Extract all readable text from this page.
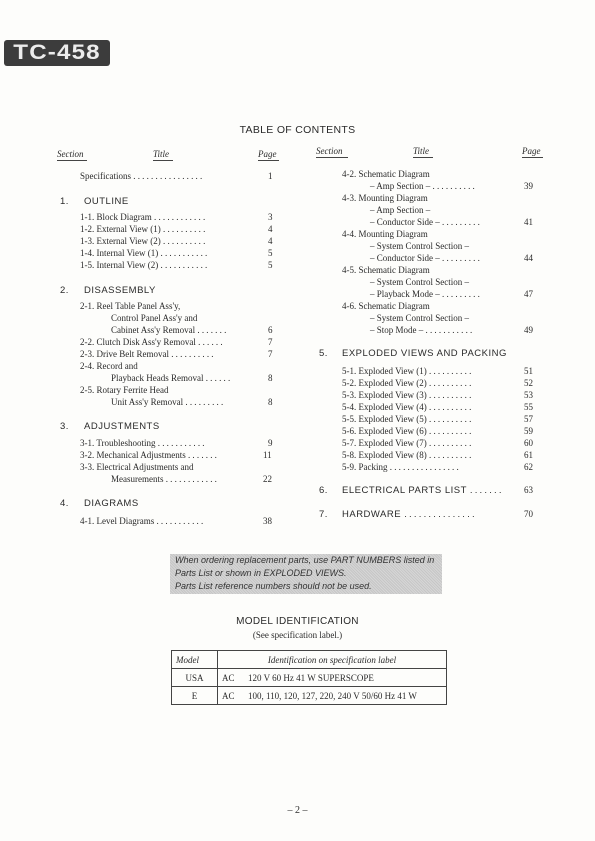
TC-458
TABLE OF CONTENTS
Section	Title	Page	Section	Title	Page
Specifications ................	1
1. OUTLINE
1-1. Block Diagram ............	3
1-2. External View (1) ..........	4
1-3. External View (2) ..........	4
1-4. Internal View (1) ...........	5
1-5. Internal View (2) ...........	5
2. DISASSEMBLY
2-1. Reel Table Panel Ass'y,
Control Panel Ass'y and
Cabinet Ass'y Removal .......	6
2-2. Clutch Disk Ass'y Removal ......	7
2-3. Drive Belt Removal ..........	7
2-4. Record and
Playback Heads Removal ......	8
2-5. Rotary Ferrite Head
Unit Ass'y Removal .........	8
3. ADJUSTMENTS
3-1. Troubleshooting ...........	9
3-2. Mechanical Adjustments .......	11
3-3. Electrical Adjustments and
Measurements ............	22
4. DIAGRAMS
4-1. Level Diagrams ...........	38
4-2. Schematic Diagram
– Amp Section – ..........	39
4-3. Mounting Diagram
– Amp Section –
– Conductor Side – .........	41
4-4. Mounting Diagram
– System Control Section –
– Conductor Side – .........	44
4-5. Schematic Diagram
– System Control Section –
– Playback Mode – .........	47
4-6. Schematic Diagram
– System Control Section –
– Stop Mode – ...........	49
5. EXPLODED VIEWS AND PACKING
5-1. Exploded View (1) ..........	51
5-2. Exploded View (2) ..........	52
5-3. Exploded View (3) ..........	53
5-4. Exploded View (4) ..........	55
5-5. Exploded View (5) ..........	57
5-6. Exploded View (6) ..........	59
5-7. Exploded View (7) ..........	60
5-8. Exploded View (8) ..........	61
5-9. Packing ................	62
6. ELECTRICAL PARTS LIST ....... 63
7. HARDWARE ...............	70
When ordering replacement parts, use PART NUMBERS listed in
Parts List or shown in EXPLODED VIEWS.
Parts List reference numbers should not be used.
MODEL IDENTIFICATION
(See specification label.)
Model	Identification on specification label	
USA	AC	120 V 60 Hz 41 W SUPERSCOPE
E	AC	100, 110, 120, 127, 220, 240 V 50/60 Hz 41 W
– 2 –
